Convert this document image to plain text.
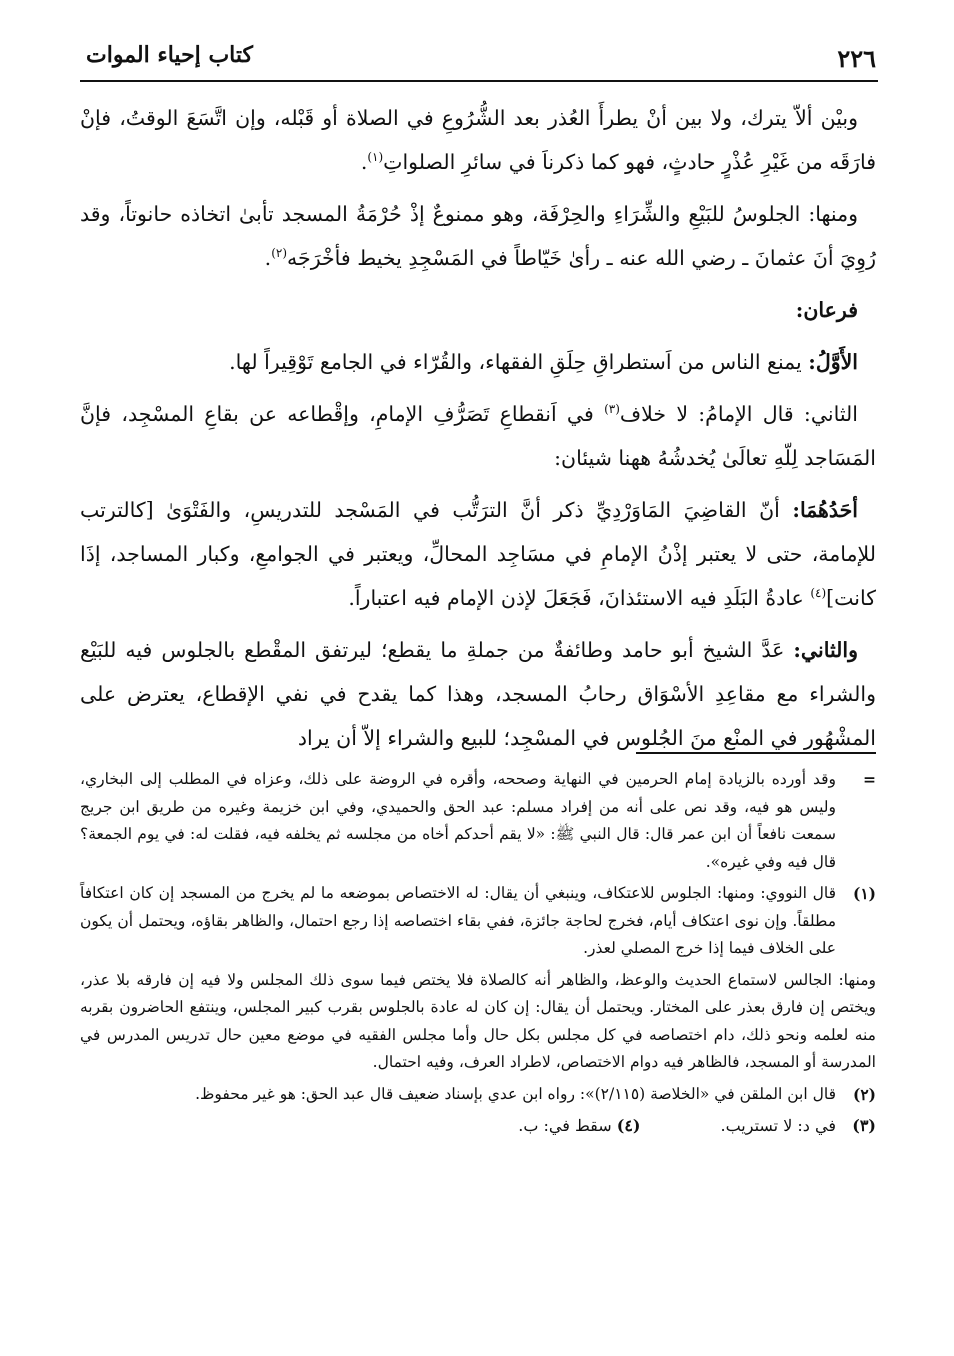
٢٢٦
كتاب إحياء الموات

وبيْن ألاّ يترك، ولا بين أنْ يطرأَ العُذر بعد الشُّرُوعِ في الصلاة أو قَبْله، وإن اتَّسَعَ الوقتُ، فإنْ فارَقَه من غَيْرِ عُذْرٍ حادثٍ، فهو كما ذكرناَ في سائرِ الصلواتِ$^{(١)}$.

ومنها: الجلوسُ للبَيْعِ والشِّرَاءِ والحِرْفَة، وهو ممنوعٌ إذْ حُرْمَةُ المسجد تأبىٰ اتخاذه حانوتاً، وقد رُوِيَ أنَ عثمانَ ـ رضي الله عنه ـ رأىٰ خَيّاطاً في المَسْجِدِ يخيط فأخْرَجَه$^{(٢)}$.

فرعان:

الأَوَّلُ: يمنع الناس من اَستطراقِ حِلَقِ الفقهاء، والقُرّاء في الجامع تَوْقِيراً لها.

الثاني: قال الإمامُ: لا خلاف$^{(٣)}$ في اَنقطاعِ تَصَرُّفِ الإمامِ، وإقْطاعه عن بقاعِ المسْجِد، فإنَّ المَسَاجد لِلّهِ تعالَىٰ يُخدشُهُ ههنا شيئان:

أحَدُهُمَا: أنّ القاضِيَ المَاوَرْدِيِّ ذكر أنَّ الترَتُّب في المَسْجد للتدريسِ، والفَتْوَىٰ [كالترتب للإمامة، حتى لا يعتبر إذْنُ الإمامِ في مسَاجِد المحالِّ، ويعتبر في الجوامعِ، وكبار المساجد، إذَا كانت]$^{(٤)}$ عادةُ البَلَدِ فيه الاستئذانَ، فَجَعَلَ لإذن الإمام فيه اعتباراً.

والثاني: عَدَّ الشيخ أبو حامد وطائفةٌ من جملةِ ما يقطع؛ ليرتفق المقْطع بالجلوس فيه للبَيْع والشراء مع مقاعِدِ الأسْوَاق رحابُ المسجد، وهذا كما يقدح في نفي الإقطاع، يعترض على المشْهُور في المنْع منَ الجُلوس في المسْجِد؛ للبيع والشراء إلاّ أن يراد

=
وقد أورده بالزيادة إمام الحرمين في النهاية وصححه، وأقره في الروضة على ذلك، وعزاه في المطلب إلى البخاري، وليس هو فيه، وقد نص على أنه من إفراد مسلم: عبد الحق والحميدي، وفي ابن خزيمة وغيره من طريق ابن جريج سمعت نافعاً أن ابن عمر قال: قال النبي ﷺ: «لا يقم أحدكم أخاه من مجلسه ثم يخلفه فيه، فقلت له: في يوم الجمعة؟ قال فيه وفي غيره».
(١)
قال النووي: ومنها: الجلوس للاعتكاف، وينبغي أن يقال: له الاختصاص بموضعه ما لم يخرج من المسجد إن كان اعتكافاً مطلقاً. وإن نوى اعتكاف أيام، فخرج لحاجة جائزة، ففي بقاء اختصاصه إذا رجع احتمال، والظاهر بقاؤه، ويحتمل أن يكون على الخلاف فيما إذا خرج المصلي لعذر.
ومنها: الجالس لاستماع الحديث والوعظ، والظاهر أنه كالصلاة فلا يختص فيما سوى ذلك المجلس ولا فيه إن فارقه بلا عذر، ويختص إن فارق بعذر على المختار. ويحتمل أن يقال: إن كان له عادة بالجلوس بقرب كبير المجلس، وينتفع الحاضرون بقربه منه لعلمه ونحو ذلك، دام اختصاصه في كل مجلس بكل حال وأما مجلس الفقيه في موضع معين حال تدريس المدرس في المدرسة أو المسجد، فالظاهر فيه دوام الاختصاص، لاطراد العرف، وفيه احتمال.
(٢)
قال ابن الملقن في «الخلاصة (٢/١١٥)»: رواه ابن عدي بإسناد ضعيف قال عبد الحق: هو غير محفوظ.
(٣)
في د: لا تستريب.
(٤)

سقط في: ب.
